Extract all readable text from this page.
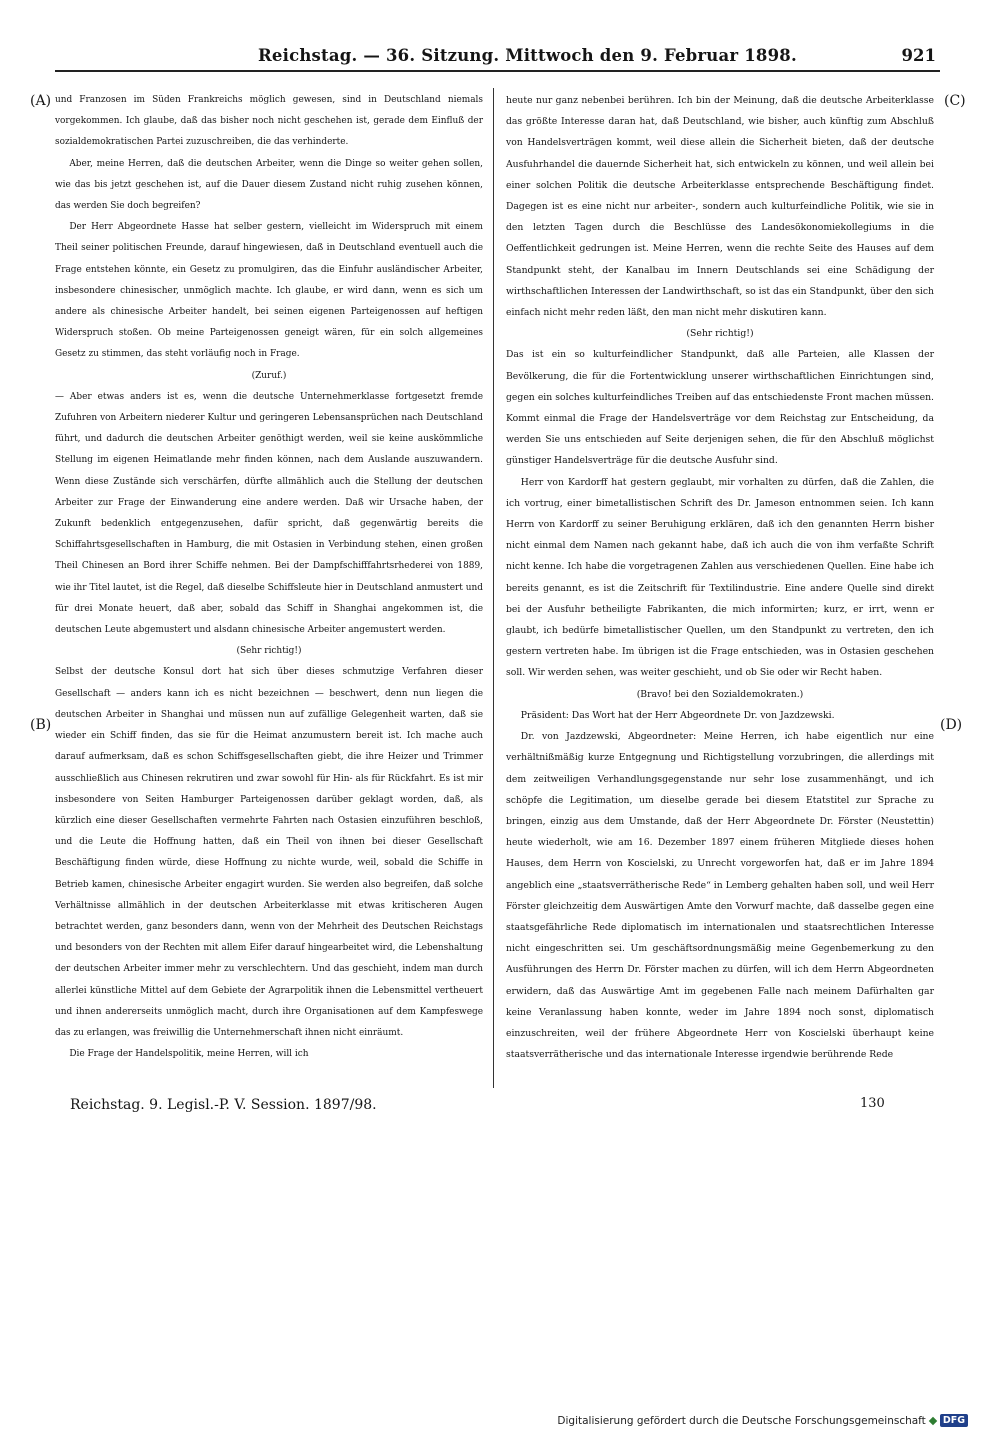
Reichstag. — 36. Sitzung. Mittwoch den 9. Februar 1898.	921
(A)
(B)
(C)
(D)

und Franzosen im Süden Frankreichs möglich gewesen, sind in Deutschland niemals vorgekommen. Ich glaube, daß das bisher noch nicht geschehen ist, gerade dem Einfluß der sozialdemokratischen Partei zuzuschreiben, die das verhinderte.

Aber, meine Herren, daß die deutschen Arbeiter, wenn die Dinge so weiter gehen sollen, wie das bis jetzt geschehen ist, auf die Dauer diesem Zustand nicht ruhig zusehen können, das werden Sie doch begreifen?

Der Herr Abgeordnete Hasse hat selber gestern, vielleicht im Widerspruch mit einem Theil seiner politischen Freunde, darauf hingewiesen, daß in Deutschland eventuell auch die Frage entstehen könnte, ein Gesetz zu promulgiren, das die Einfuhr ausländischer Arbeiter, insbesondere chinesischer, unmöglich machte. Ich glaube, er wird dann, wenn es sich um andere als chinesische Arbeiter handelt, bei seinen eigenen Parteigenossen auf heftigen Widerspruch stoßen. Ob meine Parteigenossen geneigt wären, für ein solch allgemeines Gesetz zu stimmen, das steht vorläufig noch in Frage.

(Zuruf.)

— Aber etwas anders ist es, wenn die deutsche Unternehmerklasse fortgesetzt fremde Zufuhren von Arbeitern niederer Kultur und geringeren Lebensansprüchen nach Deutschland führt, und dadurch die deutschen Arbeiter genöthigt werden, weil sie keine auskömmliche Stellung im eigenen Heimatlande mehr finden können, nach dem Auslande auszuwandern. Wenn diese Zustände sich verschärfen, dürfte allmählich auch die Stellung der deutschen Arbeiter zur Frage der Einwanderung eine andere werden. Daß wir Ursache haben, der Zukunft bedenklich entgegenzusehen, dafür spricht, daß gegenwärtig bereits die Schiffahrtsgesellschaften in Hamburg, die mit Ostasien in Verbindung stehen, einen großen Theil Chinesen an Bord ihrer Schiffe nehmen. Bei der Dampfschifffahrtsrhederei von 1889, wie ihr Titel lautet, ist die Regel, daß dieselbe Schiffsleute hier in Deutschland anmustert und für drei Monate heuert, daß aber, sobald das Schiff in Shanghai angekommen ist, die deutschen Leute abgemustert und alsdann chinesische Arbeiter angemustert werden.

(Sehr richtig!)

Selbst der deutsche Konsul dort hat sich über dieses schmutzige Verfahren dieser Gesellschaft — anders kann ich es nicht bezeichnen — beschwert, denn nun liegen die deutschen Arbeiter in Shanghai und müssen nun auf zufällige Gelegenheit warten, daß sie wieder ein Schiff finden, das sie für die Heimat anzumustern bereit ist. Ich mache auch darauf aufmerksam, daß es schon Schiffsgesellschaften giebt, die ihre Heizer und Trimmer ausschließlich aus Chinesen rekrutiren und zwar sowohl für Hin- als für Rückfahrt. Es ist mir insbesondere von Seiten Hamburger Parteigenossen darüber geklagt worden, daß, als kürzlich eine dieser Gesellschaften vermehrte Fahrten nach Ostasien einzuführen beschloß, und die Leute die Hoffnung hatten, daß ein Theil von ihnen bei dieser Gesellschaft Beschäftigung finden würde, diese Hoffnung zu nichte wurde, weil, sobald die Schiffe in Betrieb kamen, chinesische Arbeiter engagirt wurden. Sie werden also begreifen, daß solche Verhältnisse allmählich in der deutschen Arbeiterklasse mit etwas kritischeren Augen betrachtet werden, ganz besonders dann, wenn von der Mehrheit des Deutschen Reichstags und besonders von der Rechten mit allem Eifer darauf hingearbeitet wird, die Lebenshaltung der deutschen Arbeiter immer mehr zu verschlechtern. Und das geschieht, indem man durch allerlei künstliche Mittel auf dem Gebiete der Agrarpolitik ihnen die Lebensmittel vertheuert und ihnen andererseits unmöglich macht, durch ihre Organisationen auf dem Kampfeswege das zu erlangen, was freiwillig die Unternehmerschaft ihnen nicht einräumt.

Die Frage der Handelspolitik, meine Herren, will ich

heute nur ganz nebenbei berühren. Ich bin der Meinung, daß die deutsche Arbeiterklasse das größte Interesse daran hat, daß Deutschland, wie bisher, auch künftig zum Abschluß von Handelsverträgen kommt, weil diese allein die Sicherheit bieten, daß der deutsche Ausfuhrhandel die dauernde Sicherheit hat, sich entwickeln zu können, und weil allein bei einer solchen Politik die deutsche Arbeiterklasse entsprechende Beschäftigung findet. Dagegen ist es eine nicht nur arbeiter-, sondern auch kulturfeindliche Politik, wie sie in den letzten Tagen durch die Beschlüsse des Landesökonomiekollegiums in die Oeffentlichkeit gedrungen ist. Meine Herren, wenn die rechte Seite des Hauses auf dem Standpunkt steht, der Kanalbau im Innern Deutschlands sei eine Schädigung der wirthschaftlichen Interessen der Landwirthschaft, so ist das ein Standpunkt, über den sich einfach nicht mehr reden läßt, den man nicht mehr diskutiren kann.

(Sehr richtig!)

Das ist ein so kulturfeindlicher Standpunkt, daß alle Parteien, alle Klassen der Bevölkerung, die für die Fortentwicklung unserer wirthschaftlichen Einrichtungen sind, gegen ein solches kulturfeindliches Treiben auf das entschiedenste Front machen müssen. Kommt einmal die Frage der Handelsverträge vor dem Reichstag zur Entscheidung, da werden Sie uns entschieden auf Seite derjenigen sehen, die für den Abschluß möglichst günstiger Handelsverträge für die deutsche Ausfuhr sind.

Herr von Kardorff hat gestern geglaubt, mir vorhalten zu dürfen, daß die Zahlen, die ich vortrug, einer bimetallistischen Schrift des Dr. Jameson entnommen seien. Ich kann Herrn von Kardorff zu seiner Beruhigung erklären, daß ich den genannten Herrn bisher nicht einmal dem Namen nach gekannt habe, daß ich auch die von ihm verfaßte Schrift nicht kenne. Ich habe die vorgetragenen Zahlen aus verschiedenen Quellen. Eine habe ich bereits genannt, es ist die Zeitschrift für Textilindustrie. Eine andere Quelle sind direkt bei der Ausfuhr betheiligte Fabrikanten, die mich informirten; kurz, er irrt, wenn er glaubt, ich bedürfe bimetallistischer Quellen, um den Standpunkt zu vertreten, den ich gestern vertreten habe. Im übrigen ist die Frage entschieden, was in Ostasien geschehen soll. Wir werden sehen, was weiter geschieht, und ob Sie oder wir Recht haben.

(Bravo! bei den Sozialdemokraten.)

Präsident: Das Wort hat der Herr Abgeordnete Dr. von Jazdzewski.

Dr. von Jazdzewski, Abgeordneter: Meine Herren, ich habe eigentlich nur eine verhältnißmäßig kurze Entgegnung und Richtigstellung vorzubringen, die allerdings mit dem zeitweiligen Verhandlungsgegenstande nur sehr lose zusammenhängt, und ich schöpfe die Legitimation, um dieselbe gerade bei diesem Etatstitel zur Sprache zu bringen, einzig aus dem Umstande, daß der Herr Abgeordnete Dr. Förster (Neustettin) heute wiederholt, wie am 16. Dezember 1897 einem früheren Mitgliede dieses hohen Hauses, dem Herrn von Koscielski, zu Unrecht vorgeworfen hat, daß er im Jahre 1894 angeblich eine „staatsverrätherische Rede“ in Lemberg gehalten haben soll, und weil Herr Förster gleichzeitig dem Auswärtigen Amte den Vorwurf machte, daß dasselbe gegen eine staatsgefährliche Rede diplomatisch im internationalen und staatsrechtlichen Interesse nicht eingeschritten sei. Um geschäftsordnungsmäßig meine Gegenbemerkung zu den Ausführungen des Herrn Dr. Förster machen zu dürfen, will ich dem Herrn Abgeordneten erwidern, daß das Auswärtige Amt im gegebenen Falle nach meinem Dafürhalten gar keine Veranlassung haben konnte, weder im Jahre 1894 noch sonst, diplomatisch einzuschreiten, weil der frühere Abgeordnete Herr von Koscielski überhaupt keine staatsverrätherische und das internationale Interesse irgendwie berührende Rede

Reichstag. 9. Legisl.-P. V. Session. 1897/98.	130
Digitalisierung gefördert durch die Deutsche Forschungsgemeinschaft	DFG
